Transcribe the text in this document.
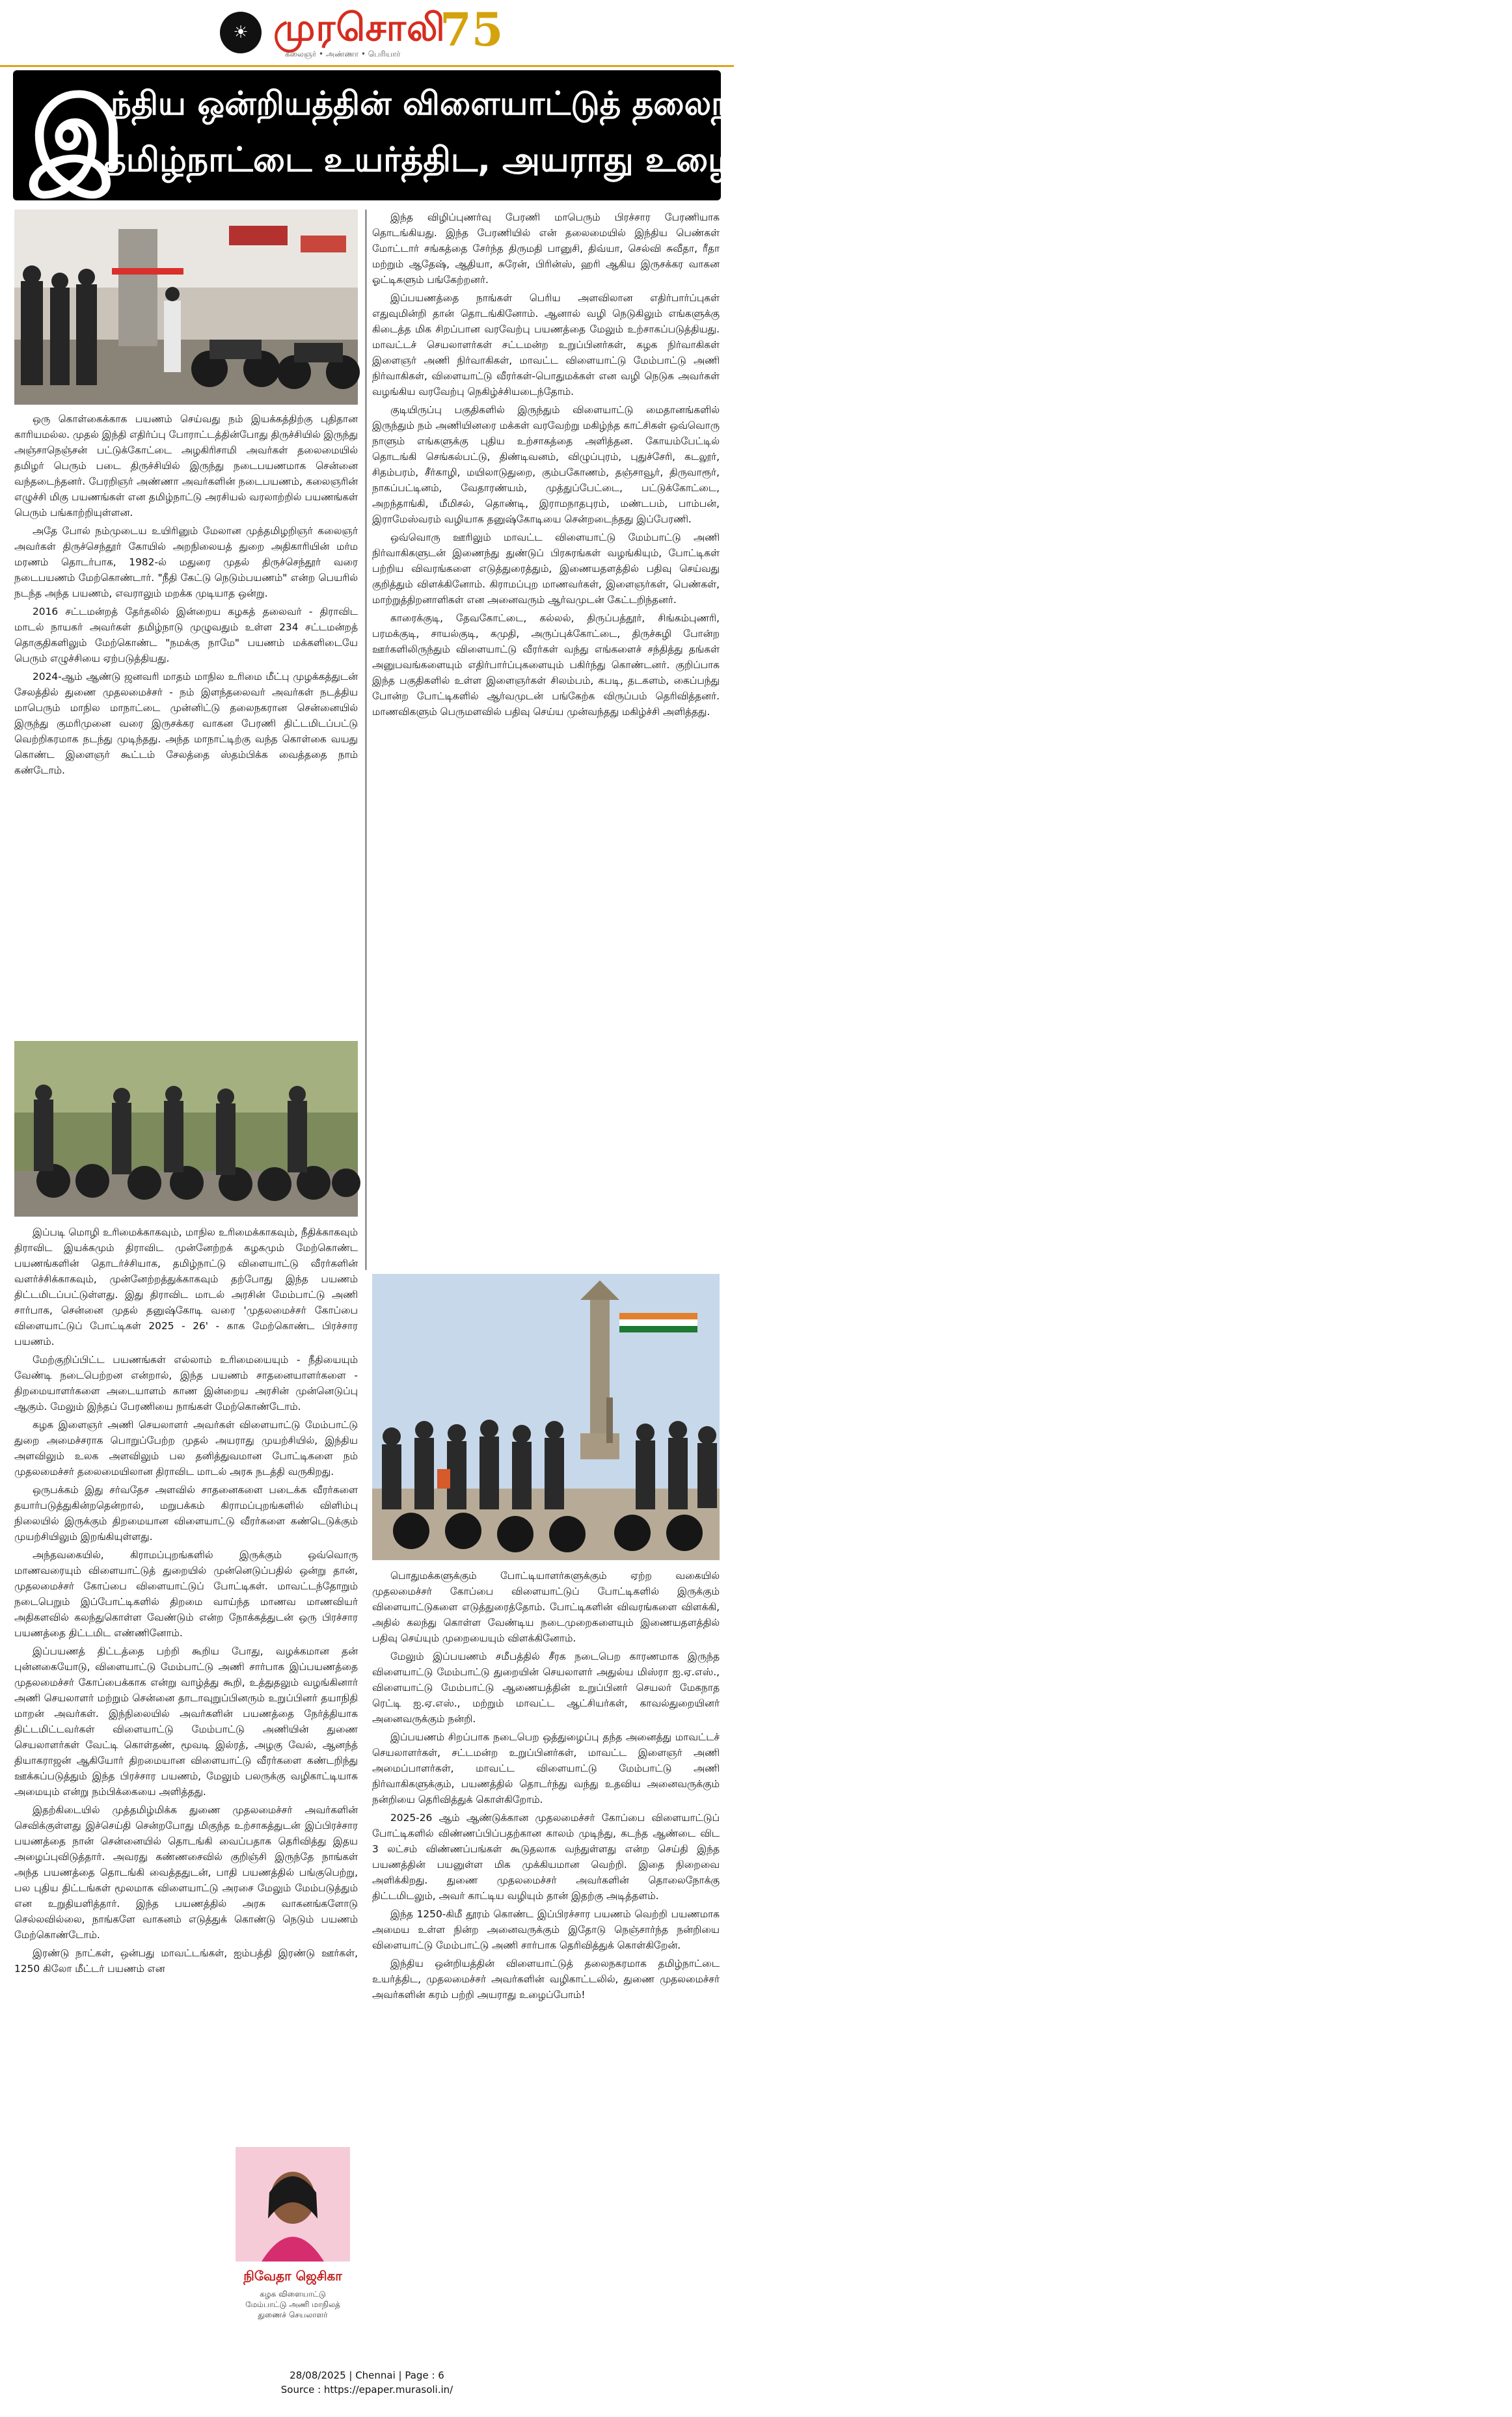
☀ முரசொலி
கலைஞர் • அண்ணா • பெரியார் 75
இ
ந்திய ஒன்றியத்தின் விளையாட்டுத் தலைநகரமாக
தமிழ்நாட்டை உயர்த்திட, அயராது உழைப்போம்!

ஒரு கொள்கைக்காக பயணம் செய்வது நம் இயக்கத்திற்கு புதிதான காரியமல்ல. முதல் இந்தி எதிர்ப்பு போராட்டத்தின்போது திருச்சியில் இருந்து அஞ்சாநெஞ்சன் பட்டுக்கோட்டை அழகிரிசாமி அவர்கள் தலைமையில் தமிழர் பெரும் படை திருச்சியில் இருந்து நடைபயணமாக சென்னை வந்தடைந்தனர். பேரறிஞர் அண்ணா அவர்களின் நடைபயணம், கலைஞரின் எழுச்சி மிகு பயணங்கள் என தமிழ்நாட்டு அரசியல் வரலாற்றில் பயணங்கள் பெரும் பங்காற்றியுள்ளன.

அதே போல் நம்முடைய உயிரினும் மேலான முத்தமிழறிஞர் கலைஞர் அவர்கள் திருச்செந்தூர் கோயில் அறநிலையத் துறை அதிகாரியின் மர்ம மரணம் தொடர்பாக, 1982-ல் மதுரை முதல் திருச்செந்தூர் வரை நடைபயணம் மேற்கொண்டார். "நீதி கேட்டு நெடும்பயணம்" என்ற பெயரில் நடந்த அந்த பயணம், எவராலும் மறக்க முடியாத ஒன்று.

2016 சட்டமன்றத் தேர்தலில் இன்றைய கழகத் தலைவர் - திராவிட மாடல் நாயகர் அவர்கள் தமிழ்நாடு முழுவதும் உள்ள 234 சட்டமன்றத் தொகுதிகளிலும் மேற்கொண்ட "நமக்கு நாமே" பயணம் மக்களிடையே பெரும் எழுச்சியை ஏற்படுத்தியது.

2024-ஆம் ஆண்டு ஜனவரி மாதம் மாநில உரிமை மீட்பு முழக்கத்துடன் சேலத்தில் துணை முதலமைச்சர் - நம் இளந்தலைவர் அவர்கள் நடத்திய மாபெரும் மாநில மாநாட்டை முன்னிட்டு தலைநகரான சென்னையில் இருந்து குமரிமுனை வரை இருசக்கர வாகன பேரணி திட்டமிடப்பட்டு வெற்றிகரமாக நடந்து முடிந்தது. அந்த மாநாட்டிற்கு வந்த கொள்கை வயது கொண்ட இளைஞர் கூட்டம் சேலத்தை ஸ்தம்பிக்க வைத்ததை நாம் கண்டோம்.

இப்படி மொழி உரிமைக்காகவும், மாநில உரிமைக்காகவும், நீதிக்காகவும் திராவிட இயக்கமும் திராவிட முன்னேற்றக் கழகமும் மேற்கொண்ட பயணங்களின் தொடர்ச்சியாக, தமிழ்நாட்டு விளையாட்டு வீரர்களின் வளர்ச்சிக்காகவும், முன்னேற்றத்துக்காகவும் தற்போது இந்த பயணம் திட்டமிடப்பட்டுள்ளது. இது திராவிட மாடல் அரசின் மேம்பாட்டு அணி சார்பாக, சென்னை முதல் தனுஷ்கோடி வரை 'முதலமைச்சர் கோப்பை விளையாட்டுப் போட்டிகள் 2025 - 26' - காக மேற்கொண்ட பிரச்சார பயணம்.

மேற்குறிப்பிட்ட பயணங்கள் எல்லாம் உரிமையையும் - நீதியையும் வேண்டி நடைபெற்றன என்றால், இந்த பயணம் சாதனையாளர்களை - திறமையாளர்களை அடையாளம் காண இன்றைய அரசின் முன்னெடுப்பு ஆகும். மேலும் இந்தப் பேரணியை நாங்கள் மேற்கொண்டோம்.

கழக இளைஞர் அணி செயலாளர் அவர்கள் விளையாட்டு மேம்பாட்டு துறை அமைச்சராக பொறுப்பேற்ற முதல் அயராது முயற்சியில், இந்திய அளவிலும் உலக அளவிலும் பல தனித்துவமான போட்டிகளை நம் முதலமைச்சர் தலைமையிலான திராவிட மாடல் அரசு நடத்தி வருகிறது.

ஒருபக்கம் இது சர்வதேச அளவில் சாதனைகளை படைக்க வீரர்களை தயார்படுத்துகின்றதென்றால், மறுபக்கம் கிராமப்புறங்களில் விளிம்பு நிலையில் இருக்கும் திறமையான விளையாட்டு வீரர்களை கண்டெடுக்கும் முயற்சியிலும் இறங்கியுள்ளது.

அந்தவகையில், கிராமப்புறங்களில் இருக்கும் ஒவ்வொரு மாணவரையும் விளையாட்டுத் துறையில் முன்னெடுப்பதில் ஒன்று தான், முதலமைச்சர் கோப்பை விளையாட்டுப் போட்டிகள். மாவட்டந்தோறும் நடைபெறும் இப்போட்டிகளில் திறமை வாய்ந்த மாணவ மாணவியர் அதிகளவில் கலந்துகொள்ள வேண்டும் என்ற நோக்கத்துடன் ஒரு பிரச்சார பயணத்தை திட்டமிட எண்ணினோம்.

இப்பயணத் திட்டத்தை பற்றி கூறிய போது, வழக்கமான தன் புன்னகையோடு, விளையாட்டு மேம்பாட்டு அணி சார்பாக இப்பயணத்தை முதலமைச்சர் கோப்பைக்காக என்று வாழ்த்து கூறி, உத்துதலும் வழங்கினார் அணி செயலாளர் மற்றும் சென்னை தாடாவுறுப்பினரும் உறுப்பினர் தயாநிதி மாறன் அவர்கள். இந்நிலையில் அவர்களின் பயணத்தை நேர்த்தியாக திட்டமிட்டவர்கள் விளையாட்டு மேம்பாட்டு அணியின் துணை செயலாளர்கள் வேட்டி கொள்தண், மூவடி இல்ரத், அழகு வேல், ஆனந்த் தியாகராஜன் ஆகியோர் திறமையான விளையாட்டு வீரர்களை கண்டறிந்து ஊக்கப்படுத்தும் இந்த பிரச்சார பயணம், மேலும் பலருக்கு வழிகாட்டியாக அமையும் என்று நம்பிக்கையை அளித்தது.

இதற்கிடையில் முத்தமிழ்மிக்க துணை முதலமைச்சர் அவர்களின் செவிக்குள்ளது இச்செய்தி சென்றபோது மிகுந்த உற்சாகத்துடன் இப்பிரச்சார பயணத்தை நான் சென்னையில் தொடங்கி வைப்பதாக தெரிவித்து இதய அழைப்புவிடுத்தார். அவரது கண்ணசைவில் குறிஞ்சி இருந்தே நாங்கள் அந்த பயணத்தை தொடங்கி வைத்ததுடன், பாதி பயணத்தில் பங்குபெற்று, பல புதிய திட்டங்கள் மூலமாக விளையாட்டு அரசை மேலும் மேம்படுத்தும் என உறுதியளித்தார். இந்த பயணத்தில் அரசு வாகனங்களோடு செல்லவில்லை, நாங்களே வாகனம் எடுத்துக் கொண்டு நெடும் பயணம் மேற்கொண்டோம்.

இரண்டு நாட்கள், ஒன்பது மாவட்டங்கள், ஐம்பத்தி இரண்டு ஊர்கள், 1250 கிலோ மீட்டர் பயணம் என

இந்த விழிப்புணர்வு பேரணி மாபெரும் பிரச்சார பேரணியாக தொடங்கியது. இந்த பேரணியில் என் தலைமையில் இந்திய பெண்கள் மோட்டார் சங்கத்தை சேர்ந்த திருமதி பானுசி, திவ்யா, செல்வி சுவீதா, ரீதா மற்றும் ஆதேஷ், ஆதியா, சுரேன், பிரின்ஸ், ஹரி ஆகிய இருசக்கர வாகன ஓட்டிகளும் பங்கேற்றனர்.

இப்பயணத்தை நாங்கள் பெரிய அளவிலான எதிர்பார்ப்புகள் எதுவுமின்றி தான் தொடங்கினோம். ஆனால் வழி நெடுகிலும் எங்களுக்கு கிடைத்த மிக சிறப்பான வரவேற்பு பயணத்தை மேலும் உற்சாகப்படுத்தியது. மாவட்டச் செயலாளர்கள் சட்டமன்ற உறுப்பினர்கள், கழக நிர்வாகிகள் இளைஞர் அணி நிர்வாகிகள், மாவட்ட விளையாட்டு மேம்பாட்டு அணி நிர்வாகிகள், விளையாட்டு வீரர்கள்-பொதுமக்கள் என வழி நெடுக அவர்கள் வழங்கிய வரவேற்பு நெகிழ்ச்சியடைந்தோம்.

குடியிருப்பு பகுதிகளில் இருந்தும் விளையாட்டு மைதானங்களில் இருந்தும் நம் அணியினரை மக்கள் வரவேற்று மகிழ்ந்த காட்சிகள் ஒவ்வொரு நாளும் எங்களுக்கு புதிய உற்சாகத்தை அளித்தன. கோயம்பேட்டில் தொடங்கி செங்கல்பட்டு, திண்டிவனம், விழுப்புரம், புதுச்சேரி, கடலூர், சிதம்பரம், சீர்காழி, மயிலாடுதுறை, கும்பகோணம், தஞ்சாவூர், திருவாரூர், நாகப்பட்டினம், வேதாரண்யம், முத்துப்பேட்டை, பட்டுக்கோட்டை, அறந்தாங்கி, மீமிசல், தொண்டி, இராமநாதபுரம், மண்டபம், பாம்பன், இராமேஸ்வரம் வழியாக தனுஷ்கோடியை சென்றடைந்தது இப்பேரணி.

ஒவ்வொரு ஊரிலும் மாவட்ட விளையாட்டு மேம்பாட்டு அணி நிர்வாகிகளுடன் இணைந்து துண்டுப் பிரசுரங்கள் வழங்கியும், போட்டிகள் பற்றிய விவரங்களை எடுத்துரைத்தும், இணையதளத்தில் பதிவு செய்வது குறித்தும் விளக்கினோம். கிராமப்புற மாணவர்கள், இளைஞர்கள், பெண்கள், மாற்றுத்திறனாளிகள் என அனைவரும் ஆர்வமுடன் கேட்டறிந்தனர்.

காரைக்குடி, தேவகோட்டை, கல்லல், திருப்பத்தூர், சிங்கம்புணரி, பரமக்குடி, சாயல்குடி, கமுதி, அருப்புக்கோட்டை, திருச்சுழி போன்ற ஊர்களிலிருந்தும் விளையாட்டு வீரர்கள் வந்து எங்களைச் சந்தித்து தங்கள் அனுபவங்களையும் எதிர்பார்ப்புகளையும் பகிர்ந்து கொண்டனர். குறிப்பாக இந்த பகுதிகளில் உள்ள இளைஞர்கள் சிலம்பம், கபடி, தடகளம், கைப்பந்து போன்ற போட்டிகளில் ஆர்வமுடன் பங்கேற்க விருப்பம் தெரிவித்தனர். மாணவிகளும் பெருமளவில் பதிவு செய்ய முன்வந்தது மகிழ்ச்சி அளித்தது.

பொதுமக்களுக்கும் போட்டியாளர்களுக்கும் ஏற்ற வகையில் முதலமைச்சர் கோப்பை விளையாட்டுப் போட்டிகளில் இருக்கும் விளையாட்டுகளை எடுத்துரைத்தோம். போட்டிகளின் விவரங்களை விளக்கி, அதில் கலந்து கொள்ள வேண்டிய நடைமுறைகளையும் இணையதளத்தில் பதிவு செய்யும் முறையையும் விளக்கினோம்.

மேலும் இப்பயணம் சமீபத்தில் சீரக நடைபெற காரணமாக இருந்த விளையாட்டு மேம்பாட்டு துறையின் செயலாளர் அதுல்ய மிஸ்ரா ஐ.ஏ.எஸ்., விளையாட்டு மேம்பாட்டு ஆணையத்தின் உறுப்பினர் செயலர் மேகநாத ரெட்டி ஐ.ஏ.எஸ்., மற்றும் மாவட்ட ஆட்சியர்கள், காவல்துறையினர் அனைவருக்கும் நன்றி.

இப்பயணம் சிறப்பாக நடைபெற ஒத்துழைப்பு தந்த அனைத்து மாவட்டச் செயலாளர்கள், சட்டமன்ற உறுப்பினர்கள், மாவட்ட இளைஞர் அணி அமைப்பாளர்கள், மாவட்ட விளையாட்டு மேம்பாட்டு அணி நிர்வாகிகளுக்கும், பயணத்தில் தொடர்ந்து வந்து உதவிய அனைவருக்கும் நன்றியை தெரிவித்துக் கொள்கிறோம்.

2025-26 ஆம் ஆண்டுக்கான முதலமைச்சர் கோப்பை விளையாட்டுப் போட்டிகளில் விண்ணப்பிப்பதற்கான காலம் முடிந்து, கடந்த ஆண்டை விட 3 லட்சம் விண்ணப்பங்கள் கூடுதலாக வந்துள்ளது என்ற செய்தி இந்த பயணத்தின் பயனுள்ள மிக முக்கியமான வெற்றி. இதை நிறைவை அளிக்கிறது. துணை முதலமைச்சர் அவர்களின் தொலைநோக்கு திட்டமிடலும், அவர் காட்டிய வழியும் தான் இதற்கு அடித்தளம்.

இந்த 1250-கிமீ தூரம் கொண்ட இப்பிரச்சார பயணம் வெற்றி பயணமாக அமைய உள்ள நின்ற அனைவருக்கும் இதோடு நெஞ்சார்ந்த நன்றியை விளையாட்டு மேம்பாட்டு அணி சார்பாக தெரிவித்துக் கொள்கிறேன்.

இந்திய ஒன்றியத்தின் விளையாட்டுத் தலைநகரமாக தமிழ்நாட்டை உயர்த்திட, முதலமைச்சர் அவர்களின் வழிகாட்டலில், துணை முதலமைச்சர் அவர்களின் கரம் பற்றி அயராது உழைப்போம்!

நிவேதா ஜெசிகா
கழக விளையாட்டு
மேம்பாட்டு அணி மாநிலத்
துணைச் செயலாளர்
28/08/2025 | Chennai | Page : 6
Source : https://epaper.murasoli.in/
